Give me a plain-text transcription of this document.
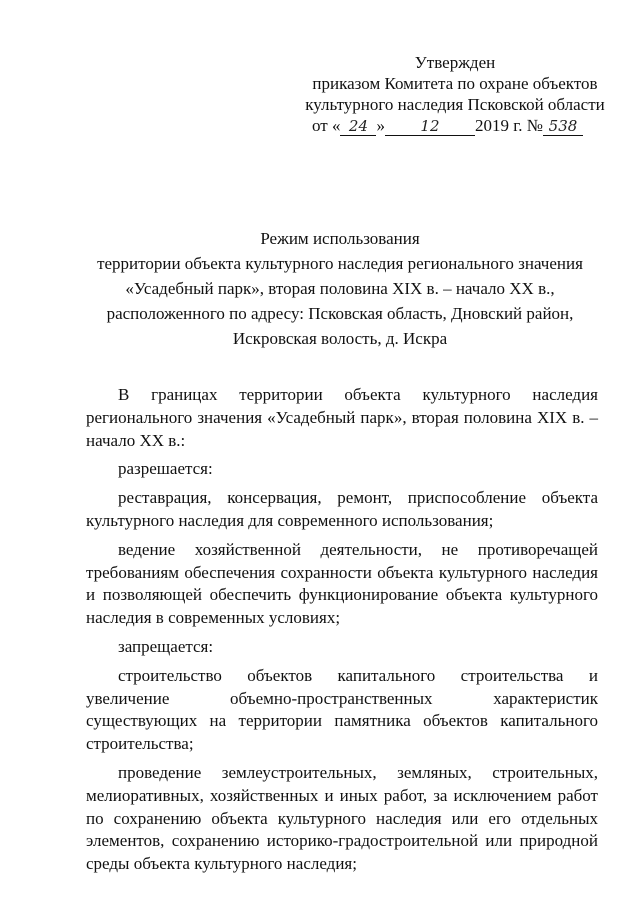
Утвержден
приказом Комитета по охране объектов
культурного наследия Псковской области
от « 24 » 12 2019 г. № 538
Режим использования
территории объекта культурного наследия регионального значения
«Усадебный парк», вторая половина XIX в. – начало XX в.,
расположенного по адресу: Псковская область, Дновский район,
Искровская волость, д. Искра

В границах территории объекта культурного наследия регионального значения «Усадебный парк», вторая половина XIX в. – начало XX в.:

разрешается:

реставрация, консервация, ремонт, приспособление объекта культурного наследия для современного использования;

ведение хозяйственной деятельности, не противоречащей требованиям обеспечения сохранности объекта культурного наследия и позволяющей обеспечить функционирование объекта культурного наследия в современных условиях;

запрещается:

строительство объектов капитального строительства и увеличение объемно-пространственных характеристик существующих на территории памятника объектов капитального строительства;

проведение землеустроительных, земляных, строительных, мелиоративных, хозяйственных и иных работ, за исключением работ по сохранению объекта культурного наследия или его отдельных элементов, сохранению историко-градостроительной или природной среды объекта культурного наследия;
